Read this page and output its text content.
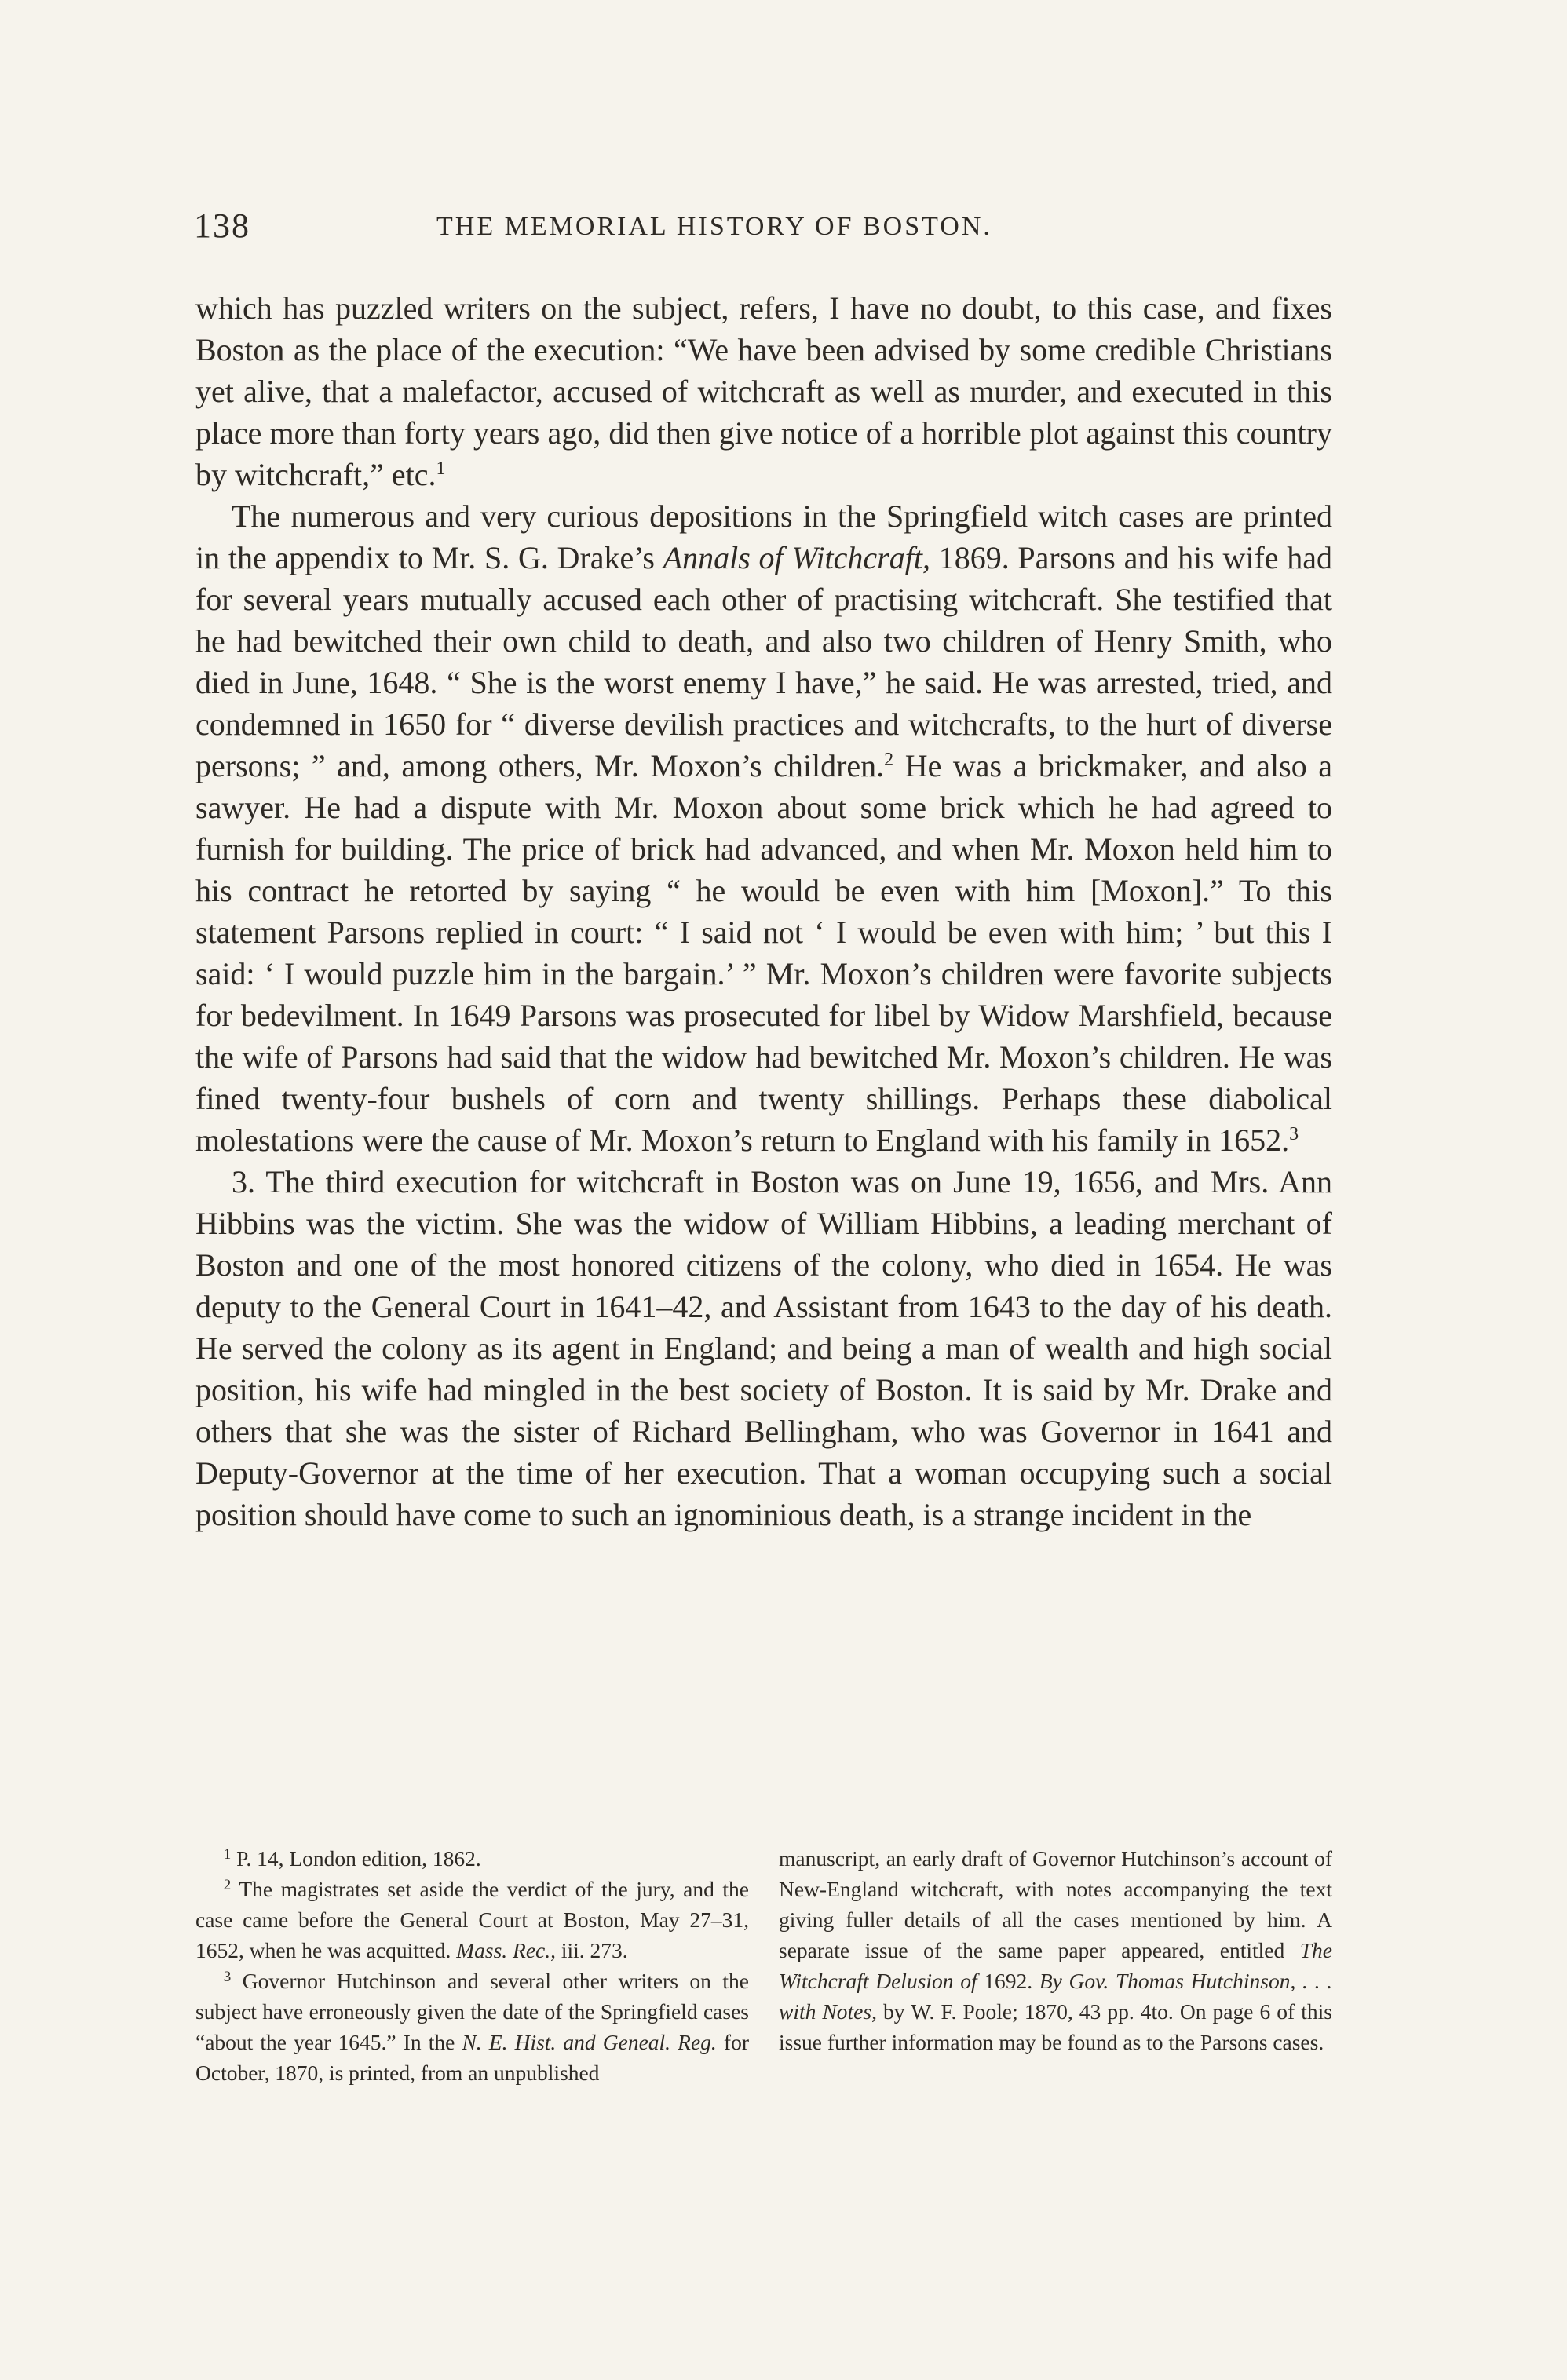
138	THE MEMORIAL HISTORY OF BOSTON.

which has puzzled writers on the subject, refers, I have no doubt, to this case, and fixes Boston as the place of the execution: “We have been advised by some credible Christians yet alive, that a malefactor, accused of witchcraft as well as murder, and executed in this place more than forty years ago, did then give notice of a horrible plot against this country by witchcraft,” etc.$^1$

The numerous and very curious depositions in the Springfield witch cases are printed in the appendix to Mr. S. G. Drake’s Annals of Witchcraft, 1869. Parsons and his wife had for several years mutually accused each other of practising witchcraft. She testified that he had bewitched their own child to death, and also two children of Henry Smith, who died in June, 1648. “ She is the worst enemy I have,” he said. He was arrested, tried, and condemned in 1650 for “ diverse devilish practices and witchcrafts, to the hurt of diverse persons; ” and, among others, Mr. Moxon’s children.$^2$ He was a brickmaker, and also a sawyer. He had a dispute with Mr. Moxon about some brick which he had agreed to furnish for building. The price of brick had advanced, and when Mr. Moxon held him to his contract he retorted by saying “ he would be even with him [Moxon].” To this statement Parsons replied in court: “ I said not ‘ I would be even with him; ’ but this I said: ‘ I would puzzle him in the bargain.’ ” Mr. Moxon’s children were favorite subjects for bedevilment. In 1649 Parsons was prosecuted for libel by Widow Marshfield, because the wife of Parsons had said that the widow had bewitched Mr. Moxon’s children. He was fined twenty-four bushels of corn and twenty shillings. Perhaps these diabolical molestations were the cause of Mr. Moxon’s return to England with his family in 1652.$^3$

3. The third execution for witchcraft in Boston was on June 19, 1656, and Mrs. Ann Hibbins was the victim. She was the widow of William Hibbins, a leading merchant of Boston and one of the most honored citizens of the colony, who died in 1654. He was deputy to the General Court in 1641–42, and Assistant from 1643 to the day of his death. He served the colony as its agent in England; and being a man of wealth and high social position, his wife had mingled in the best society of Boston. It is said by Mr. Drake and others that she was the sister of Richard Bellingham, who was Governor in 1641 and Deputy-Governor at the time of her execution. That a woman occupying such a social position should have come to such an ignominious death, is a strange incident in the

$^1$ P. 14, London edition, 1862.

$^2$ The magistrates set aside the verdict of the jury, and the case came before the General Court at Boston, May 27–31, 1652, when he was acquitted. Mass. Rec., iii. 273.

$^3$ Governor Hutchinson and several other writers on the subject have erroneously given the date of the Springfield cases “about the year 1645.” In the N. E. Hist. and Geneal. Reg. for October, 1870, is printed, from an unpublished

manuscript, an early draft of Governor Hutchinson’s account of New-England witchcraft, with notes accompanying the text giving fuller details of all the cases mentioned by him. A separate issue of the same paper appeared, entitled The Witchcraft Delusion of 1692. By Gov. Thomas Hutchinson, . . . with Notes, by W. F. Poole; 1870, 43 pp. 4to. On page 6 of this issue further information may be found as to the Parsons cases.
